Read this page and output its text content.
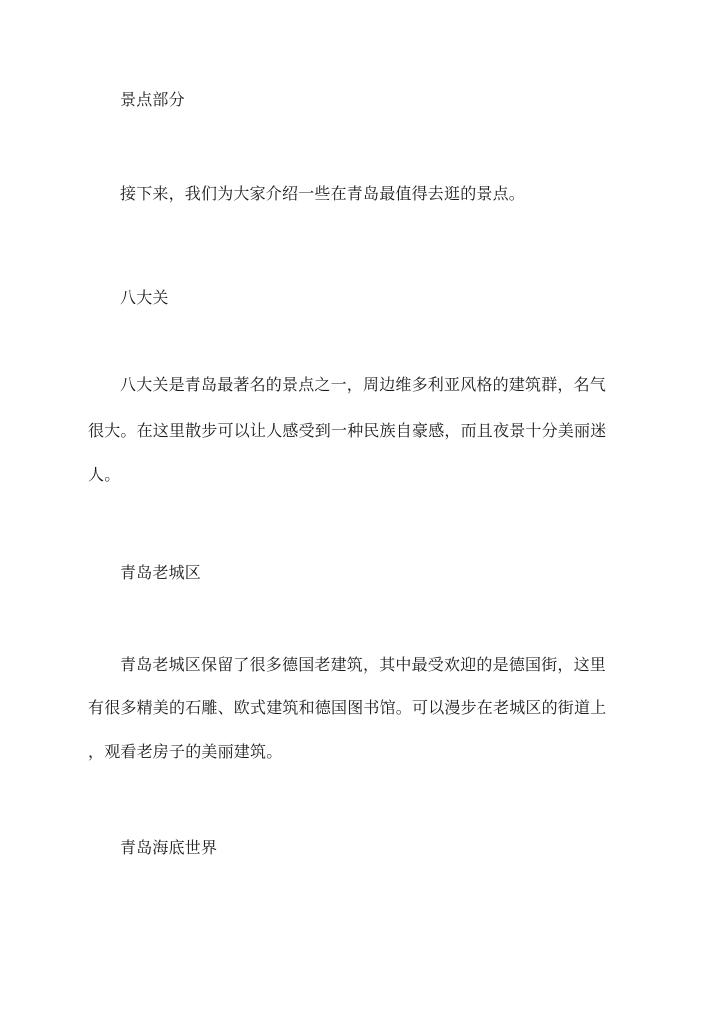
景点部分
接下来，我们为大家介绍一些在青岛最值得去逛的景点。
八大关
八大关是青岛最著名的景点之一，周边维多利亚风格的建筑群，名气
很大。在这里散步可以让人感受到一种民族自豪感，而且夜景十分美丽迷
人。
青岛老城区
青岛老城区保留了很多德国老建筑，其中最受欢迎的是德国街，这里
有很多精美的石雕、欧式建筑和德国图书馆。可以漫步在老城区的街道上
，观看老房子的美丽建筑。
青岛海底世界
